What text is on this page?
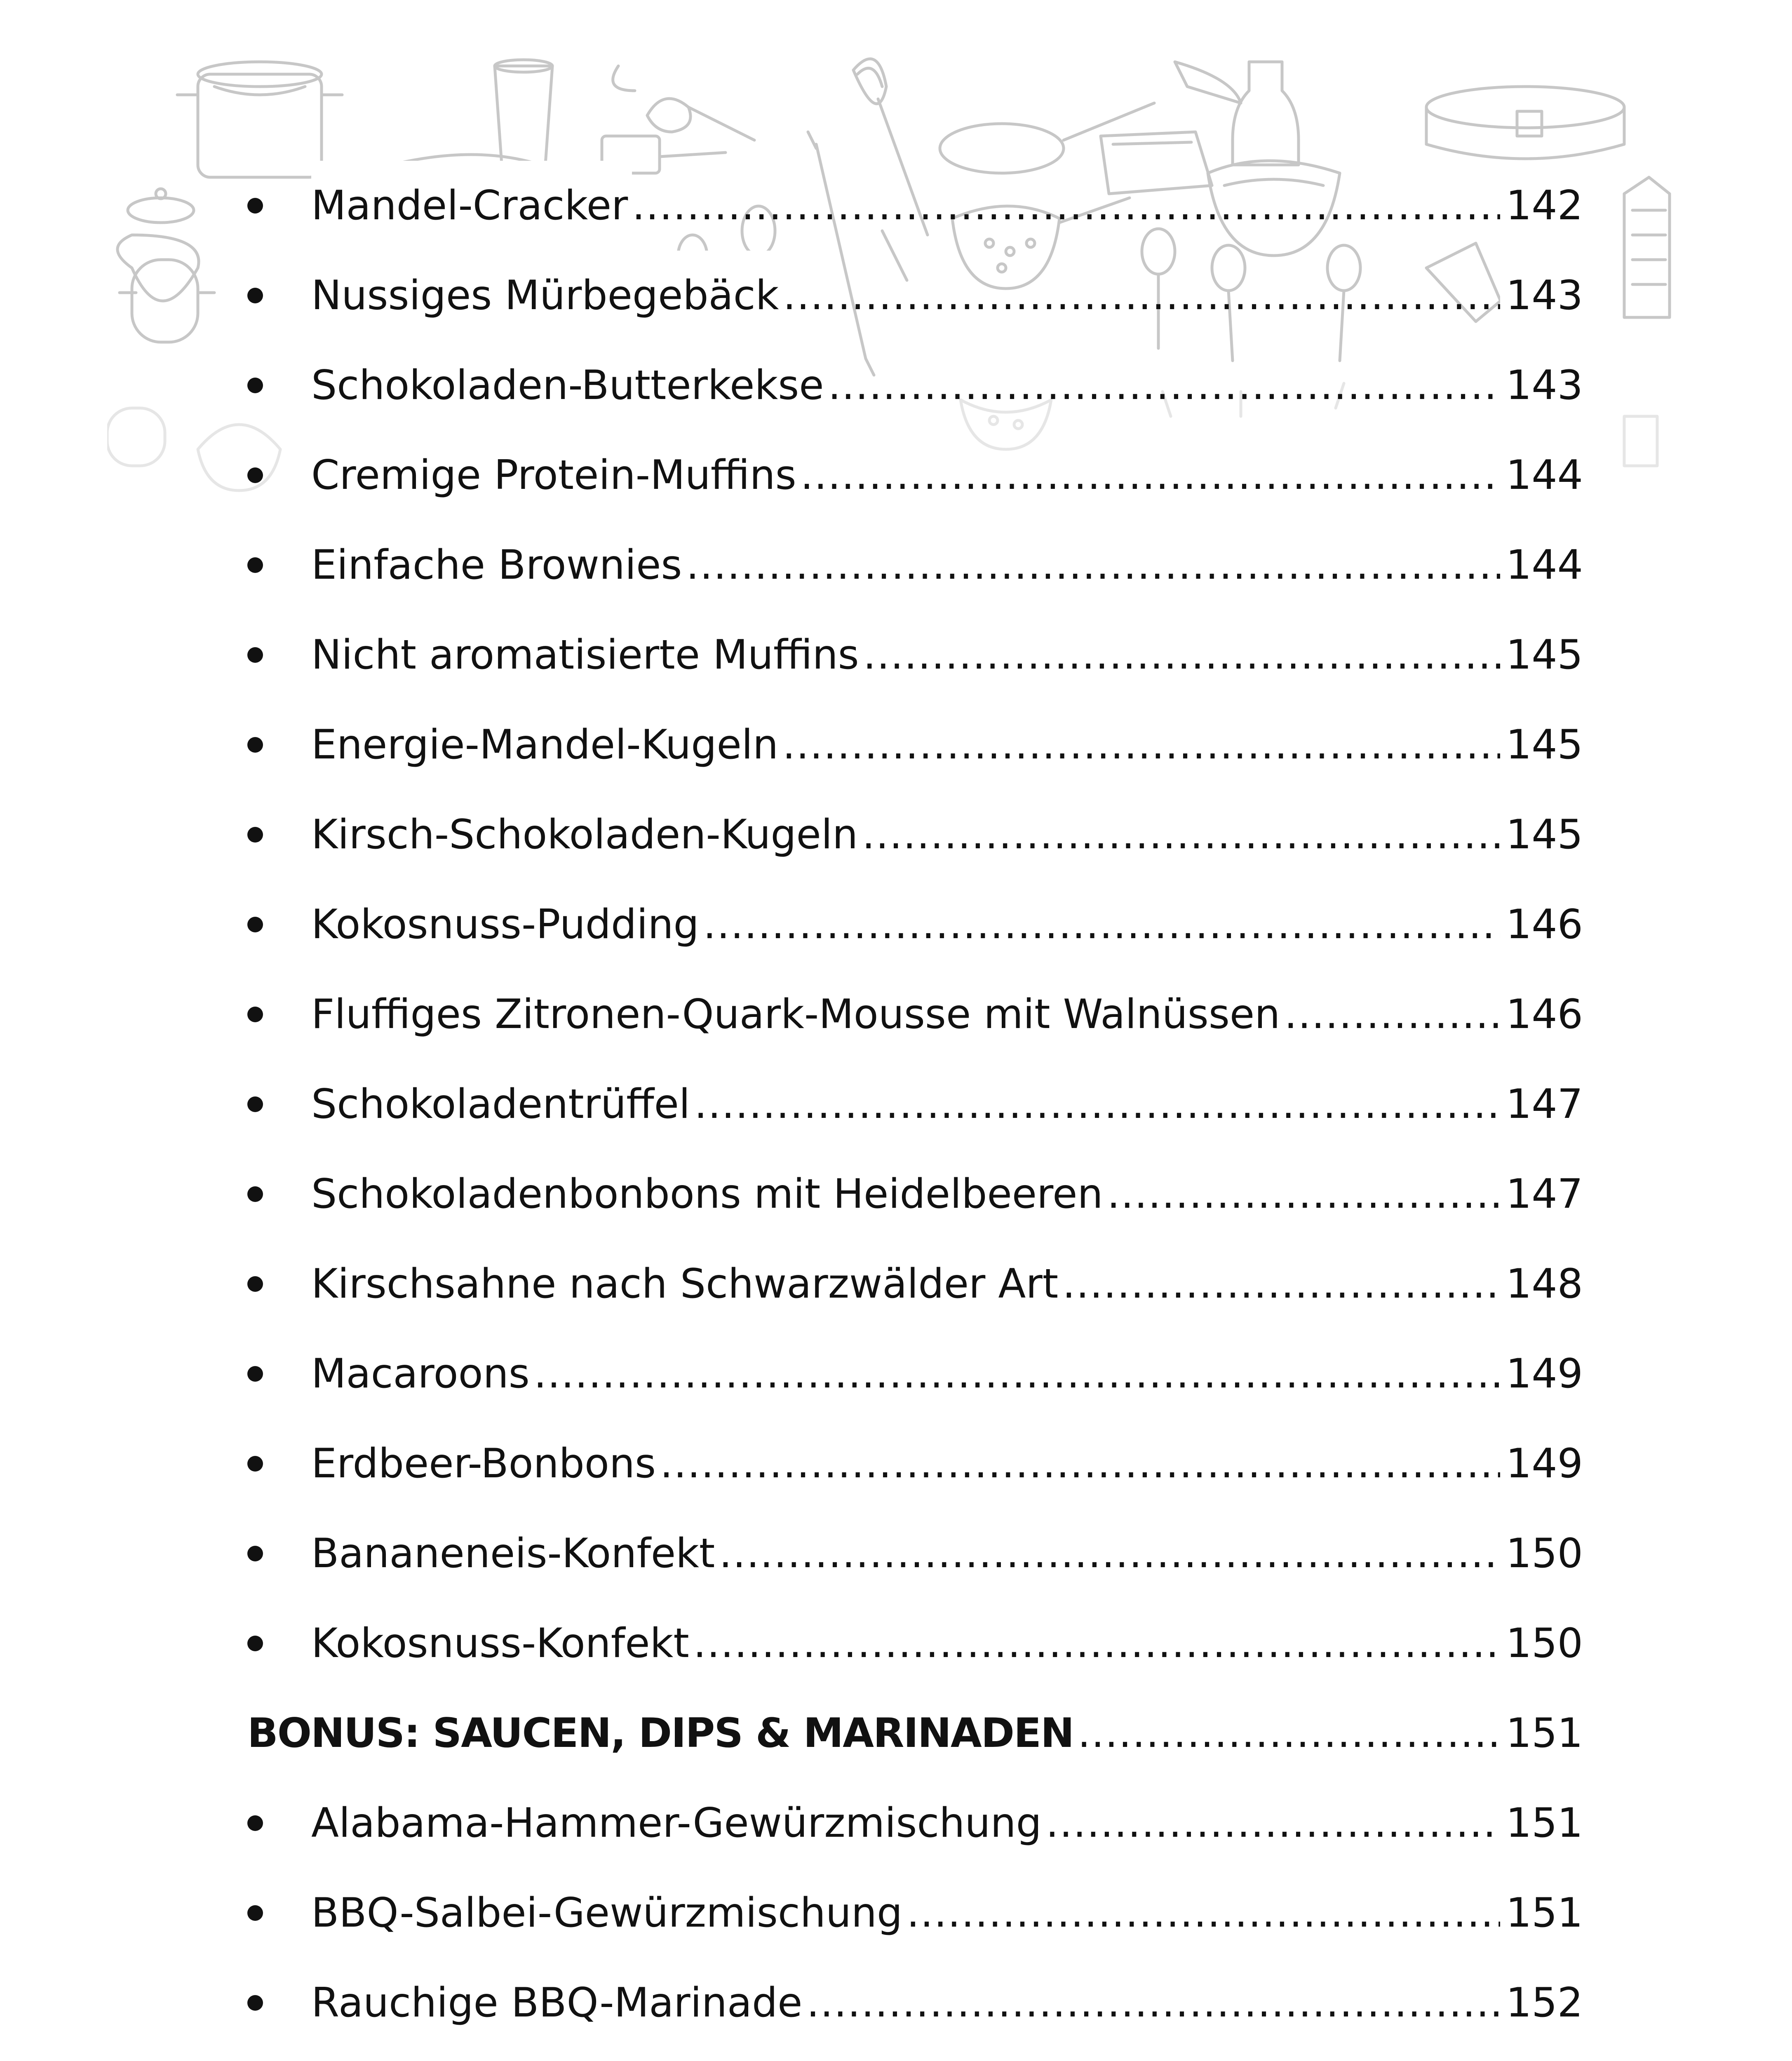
Mandel-Cracker .....	142
Nussiges Mürbegebäck .....	143
Schokoladen-Butterkekse .....	143
Cremige Protein-Muffins .....	144
Einfache Brownies .....	144
Nicht aromatisierte Muffins .....	145
Energie-Mandel-Kugeln .....	145
Kirsch-Schokoladen-Kugeln .....	145
Kokosnuss-Pudding .....	146
Fluffiges Zitronen-Quark-Mousse mit Walnüssen .....	146
Schokoladentrüffel .....	147
Schokoladenbonbons mit Heidelbeeren .....	147
Kirschsahne nach Schwarzwälder Art .....	148
Macaroons .....	149
Erdbeer-Bonbons .....	149
Bananeneis-Konfekt .....	150
Kokosnuss-Konfekt .....	150
BONUS: SAUCEN, DIPS & MARINADEN .....	151
Alabama-Hammer-Gewürzmischung .....	151
BBQ-Salbei-Gewürzmischung .....	151
Rauchige BBQ-Marinade .....	152
.....
